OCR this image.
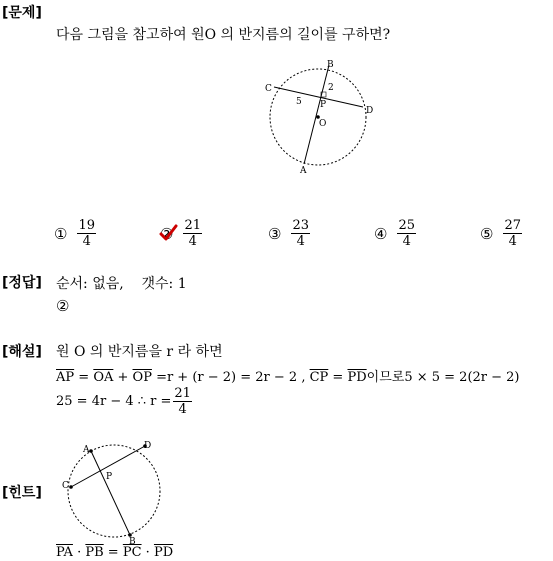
[문제]
다음 그림을 참고하여 원O 의 반지름의 길이를 구하면?
B
C
D
A
P
O
2
5
① $\frac{19}{4}$	② $\frac{21}{4}$	③ $\frac{23}{4}$	④ $\frac{25}{4}$	⑤ $\frac{27}{4}$
[정답] 순서: 없음,    갯수: 1
②
[해설] 원 O 의 반지름을 r 라 하면
$\overline{AP} = \overline{OA} + \overline{OP} =r + (r - 2) = 2r - 2$ , $\overline{CP} = \overline{PD}$이므로5 × 5 = 2(2r − 2)
25 = 4r − 4 ∴ $r = \frac{21}{4}$
[힌트]
A	D
C
P
B
$\overline{PA} \cdot \overline{PB} = \overline{PC} \cdot \overline{PD}$
